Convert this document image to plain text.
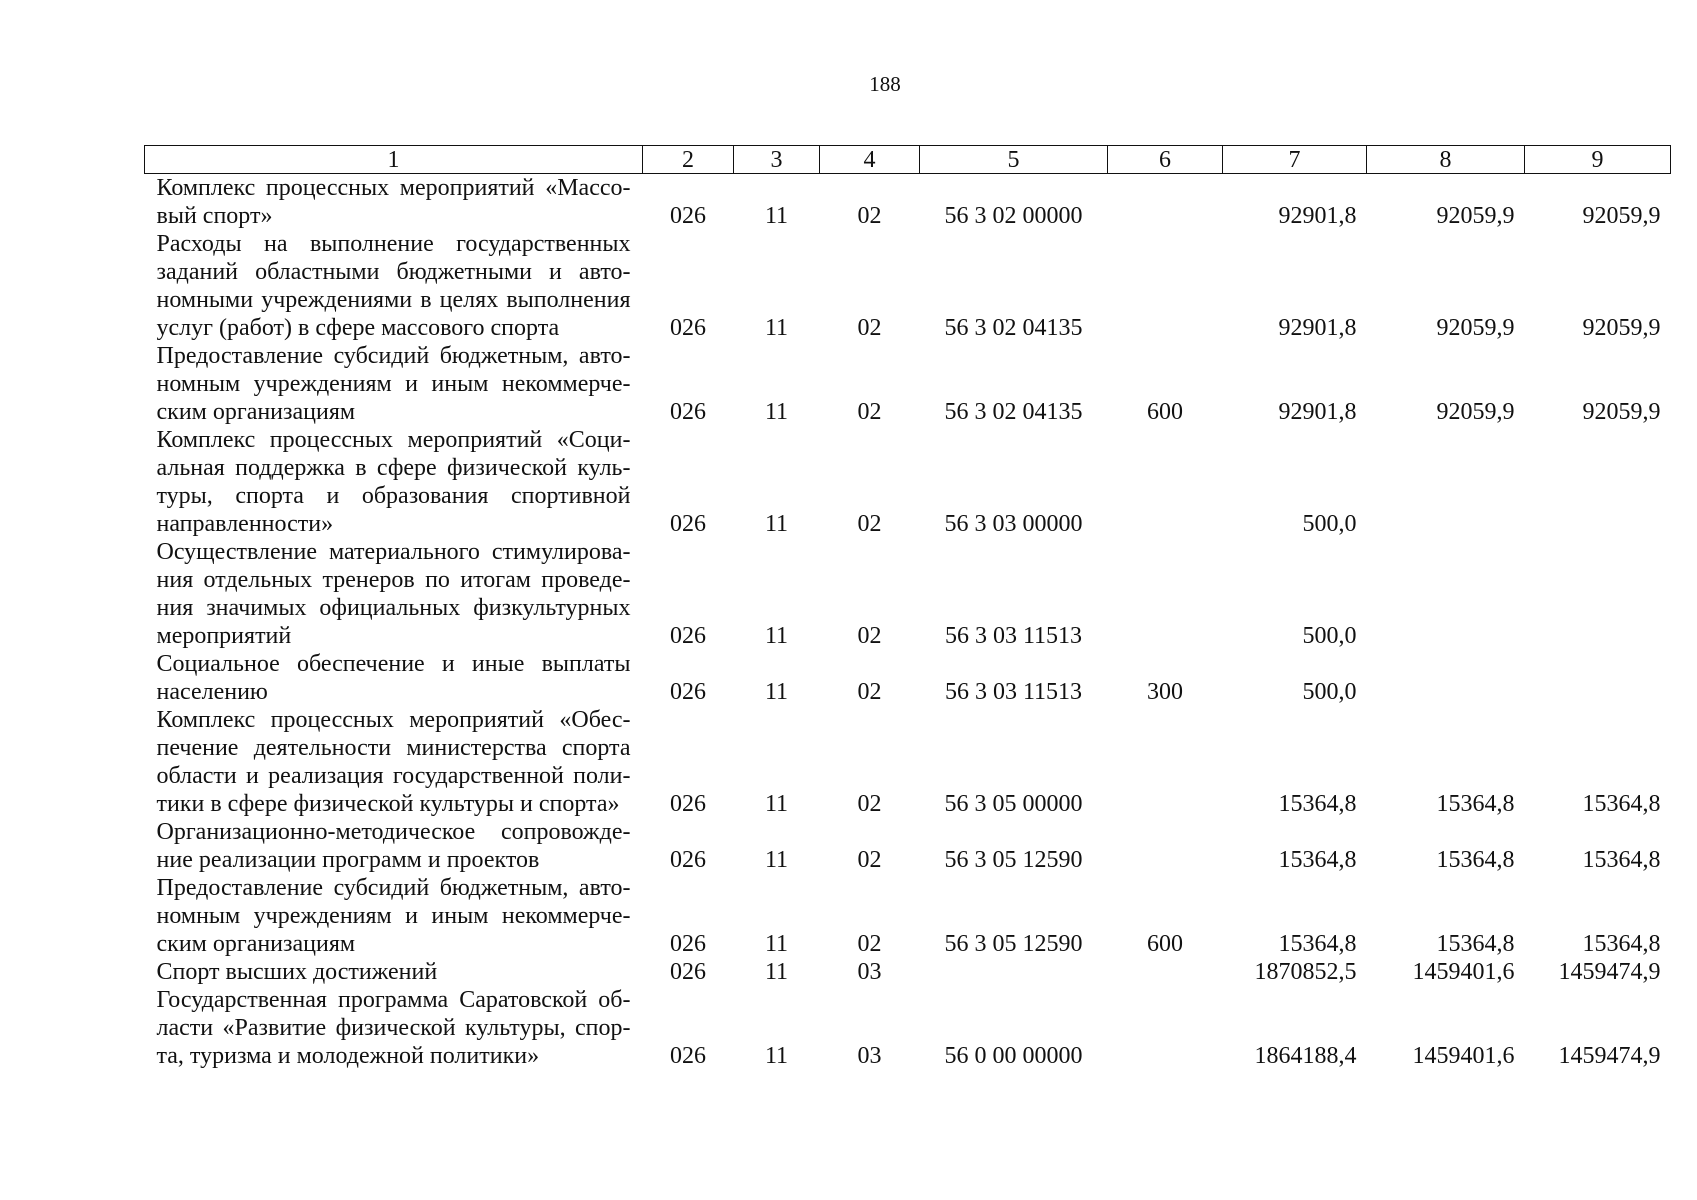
188
1	2	3	4	5	6	7	8	9
Комплекс процессных мероприятий «Массовый спорт»	026	11	02	56 3 02 00000		92901,8	92059,9	92059,9
Расходы на выполнение государственных заданий областными бюджетными и автономными учреждениями в целях выполнения услуг (работ) в сфере массового спорта	026	11	02	56 3 02 04135		92901,8	92059,9	92059,9
Предоставление субсидий бюджетным, автономным учреждениям и иным некоммерческим организациям	026	11	02	56 3 02 04135	600	92901,8	92059,9	92059,9
Комплекс процессных мероприятий «Социальная поддержка в сфере физической культуры, спорта и образования спортивной направленности»	026	11	02	56 3 03 00000		500,0		
Осуществление материального стимулирования отдельных тренеров по итогам проведения значимых официальных физкультурных мероприятий	026	11	02	56 3 03 11513		500,0		
Социальное обеспечение и иные выплаты населению	026	11	02	56 3 03 11513	300	500,0		
Комплекс процессных мероприятий «Обеспечение деятельности министерства спорта области и реализация государственной политики в сфере физической культуры и спорта»	026	11	02	56 3 05 00000		15364,8	15364,8	15364,8
Организационно-методическое сопровождение реализации программ и проектов	026	11	02	56 3 05 12590		15364,8	15364,8	15364,8
Предоставление субсидий бюджетным, автономным учреждениям и иным некоммерческим организациям	026	11	02	56 3 05 12590	600	15364,8	15364,8	15364,8
Спорт высших достижений	026	11	03			1870852,5	1459401,6	1459474,9
Государственная программа Саратовской области «Развитие физической культуры, спорта, туризма и молодежной политики»	026	11	03	56 0 00 00000		1864188,4	1459401,6	1459474,9
